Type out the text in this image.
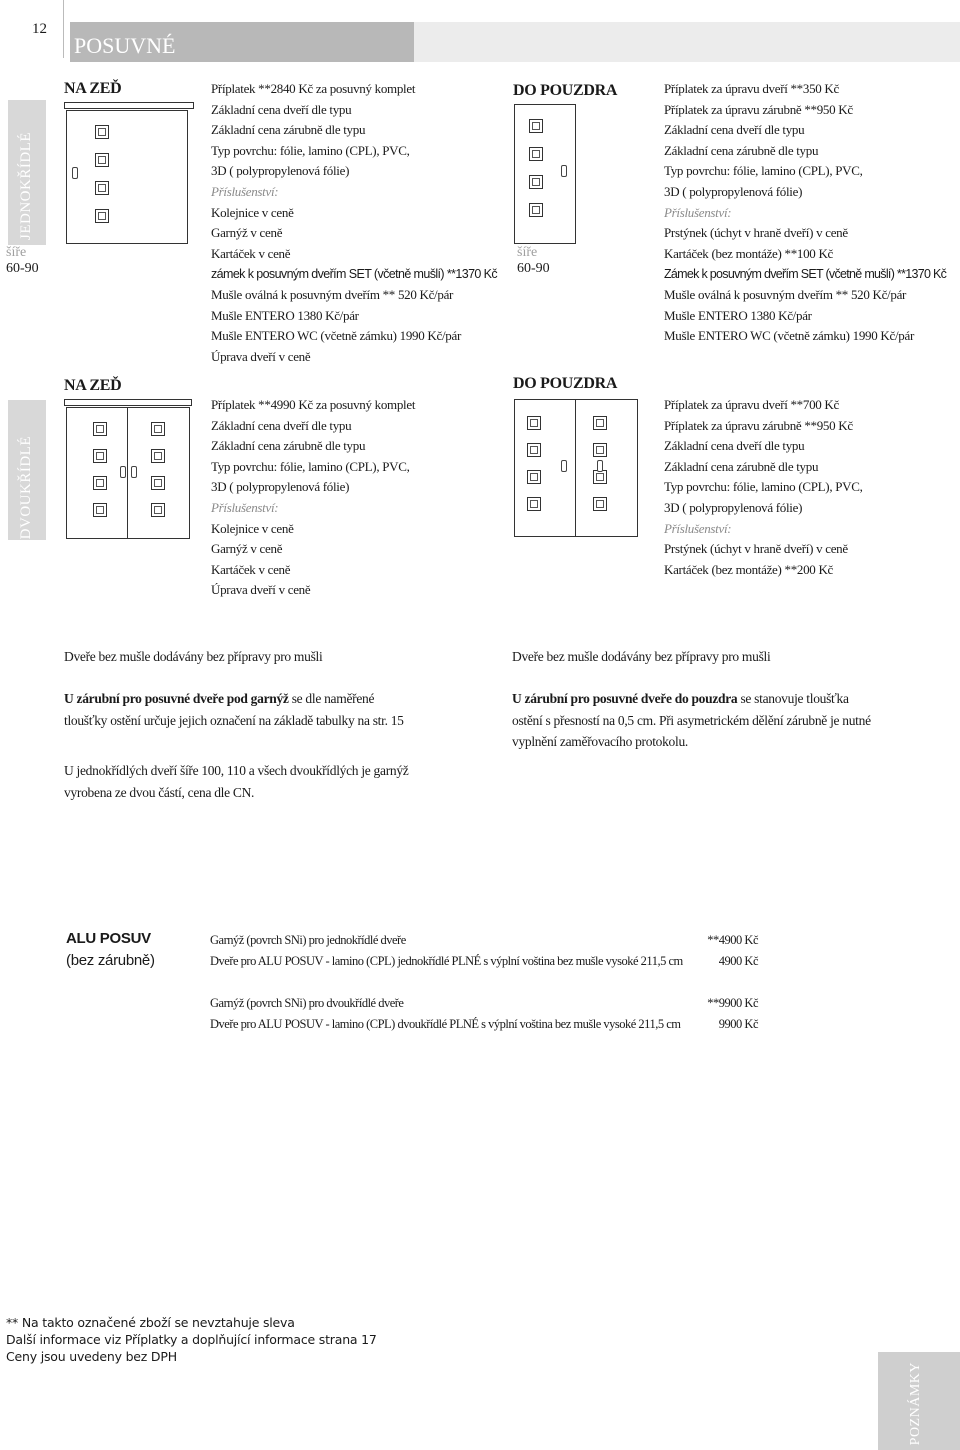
12
POSUVNÉ
JEDNOKŘÍDLÉ
šíře
60-90
DVOUKŘÍDLÉ
NA ZEĎ	Příplatek **2840 Kč za posuvný komplet
Základní cena dveří dle typu
Základní cena zárubně dle typu
Typ povrchu: fólie, lamino (CPL), PVC,
3D ( polypropylenová fólie)
Příslušenství:
Kolejnice v ceně
Garnýž v ceně
Kartáček v ceně
zámek k posuvným dveřím SET (včetně mušlí) **1370 Kč
Mušle oválná k posuvným dveřím ** 520 Kč/pár
Mušle ENTERO 1380 Kč/pár
Mušle ENTERO WC (včetně zámku) 1990 Kč/pár
Úprava dveří v ceně
DO POUZDRA
šíře
60-90
Příplatek za úpravu dveří **350 Kč
Příplatek za úpravu zárubně **950 Kč
Základní cena dveří dle typu
Základní cena zárubně dle typu
Typ povrchu: fólie, lamino (CPL), PVC,
3D ( polypropylenová fólie)
Příslušenství:
Prstýnek (úchyt v hraně dveří) v ceně
Kartáček (bez montáže) **100 Kč
Zámek k posuvným dveřím SET (včetně mušlí) **1370 Kč
Mušle oválná k posuvným dveřím ** 520 Kč/pár
Mušle ENTERO 1380 Kč/pár
Mušle ENTERO WC (včetně zámku) 1990 Kč/pár
NA ZEĎ
Příplatek **4990 Kč za posuvný komplet
Základní cena dveří dle typu
Základní cena zárubně dle typu
Typ povrchu: fólie, lamino (CPL), PVC,
3D ( polypropylenová fólie)
Příslušenství:
Kolejnice v ceně
Garnýž v ceně
Kartáček v ceně
Úprava dveří v ceně
DO POUZDRA
Příplatek za úpravu dveří **700 Kč
Příplatek za úpravu zárubně **950 Kč
Základní cena dveří dle typu
Základní cena zárubně dle typu
Typ povrchu: fólie, lamino (CPL), PVC,
3D ( polypropylenová fólie)
Příslušenství:
Prstýnek (úchyt v hraně dveří) v ceně
Kartáček (bez montáže) **200 Kč
Dveře bez mušle dodávány bez přípravy pro mušli	Dveře bez mušle dodávány bez přípravy pro mušli
U zárubní pro posuvné dveře pod garnýž se dle naměřené
tloušťky ostění určuje jejich označení na základě tabulky na str. 15
U jednokřídlých dveří šíře 100, 110 a všech dvoukřídlých je garnýž
vyrobena ze dvou částí, cena dle CN.
U zárubní pro posuvné dveře do pouzdra se stanovuje tloušťka
ostění s přesností na 0,5 cm. Při asymetrickém dělění zárubně je nutné
vyplnění zaměřovacího protokolu.
ALU POSUV
(bez zárubně)
Garnýž (povrch SNi) pro jednokřídlé dveře	**4900 Kč
Dveře pro ALU POSUV - lamino (CPL) jednokřídlé PLNÉ s výplní voština bez mušle vysoké 211,5 cm	4900 Kč
Garnýž (povrch SNi) pro dvoukřídlé dveře	**9900 Kč
Dveře pro ALU POSUV - lamino (CPL) dvoukřídlé PLNÉ s výplní voština bez mušle vysoké 211,5 cm	9900 Kč
** Na takto označené zboží se nevztahuje sleva
Další informace viz Příplatky a doplňující informace strana 17
Ceny jsou uvedeny bez DPH
POZNÁMKY
